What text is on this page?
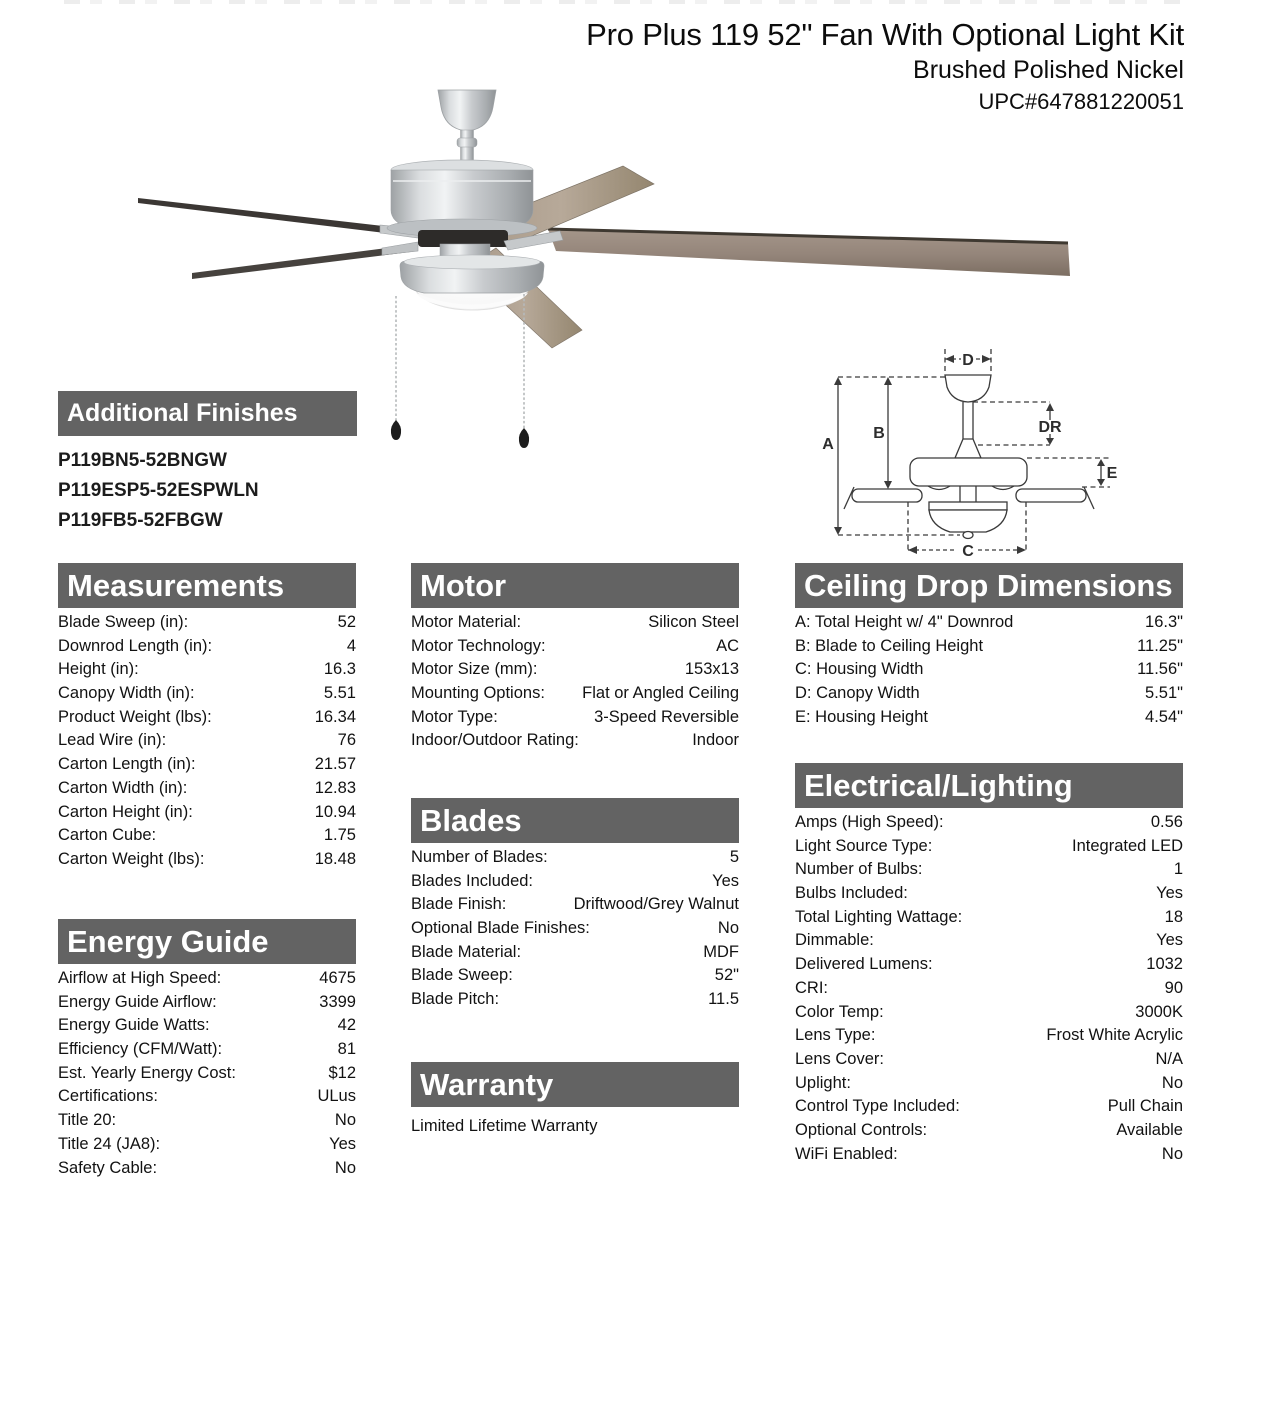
Pro Plus 119 52" Fan With Optional Light Kit
Brushed Polished Nickel
UPC#647881220051
A
B
C
D
DR
E
Additional Finishes
P119BN5-52BNGW
P119ESP5-52ESPWLN
P119FB5-52FBGW
Measurements
Blade Sweep (in):	52
Downrod Length (in):	4
Height (in):	16.3
Canopy Width (in):	5.51
Product Weight (lbs):	16.34
Lead Wire (in):	76
Carton Length (in):	21.57
Carton Width (in):	12.83
Carton Height (in):	10.94
Carton Cube:	1.75
Carton Weight (lbs):	18.48
Energy Guide
Airflow at High Speed:	4675
Energy Guide Airflow:	3399
Energy Guide Watts:	42
Efficiency (CFM/Watt):	81
Est. Yearly Energy Cost:	$12
Certifications:	ULus
Title 20:	No
Title 24 (JA8):	Yes
Safety Cable:	No
Motor
Motor Material:	Silicon Steel
Motor Technology:	AC
Motor Size (mm):	153x13
Mounting Options: Flat or Angled Ceiling
Motor Type:	3-Speed Reversible
Indoor/Outdoor Rating:	Indoor
Blades
Number of Blades:	5
Blades Included:	Yes
Blade Finish:	Driftwood/Grey Walnut
Optional Blade Finishes:	No
Blade Material:	MDF
Blade Sweep:	52"
Blade Pitch:	11.5
Warranty
Limited Lifetime Warranty
Ceiling Drop Dimensions
A: Total Height w/ 4" Downrod	16.3"
B: Blade to Ceiling Height	11.25"
C: Housing Width	11.56"
D: Canopy Width	5.51"
E: Housing Height	4.54"
Electrical/Lighting
Amps (High Speed):	0.56
Light Source Type:	Integrated LED
Number of Bulbs:	1
Bulbs Included:	Yes
Total Lighting Wattage:	18
Dimmable:	Yes
Delivered Lumens:	1032
CRI:	90
Color Temp:	3000K
Lens Type:	Frost White Acrylic
Lens Cover:	N/A
Uplight:	No
Control Type Included:	Pull Chain
Optional Controls:	Available
WiFi Enabled:	No
